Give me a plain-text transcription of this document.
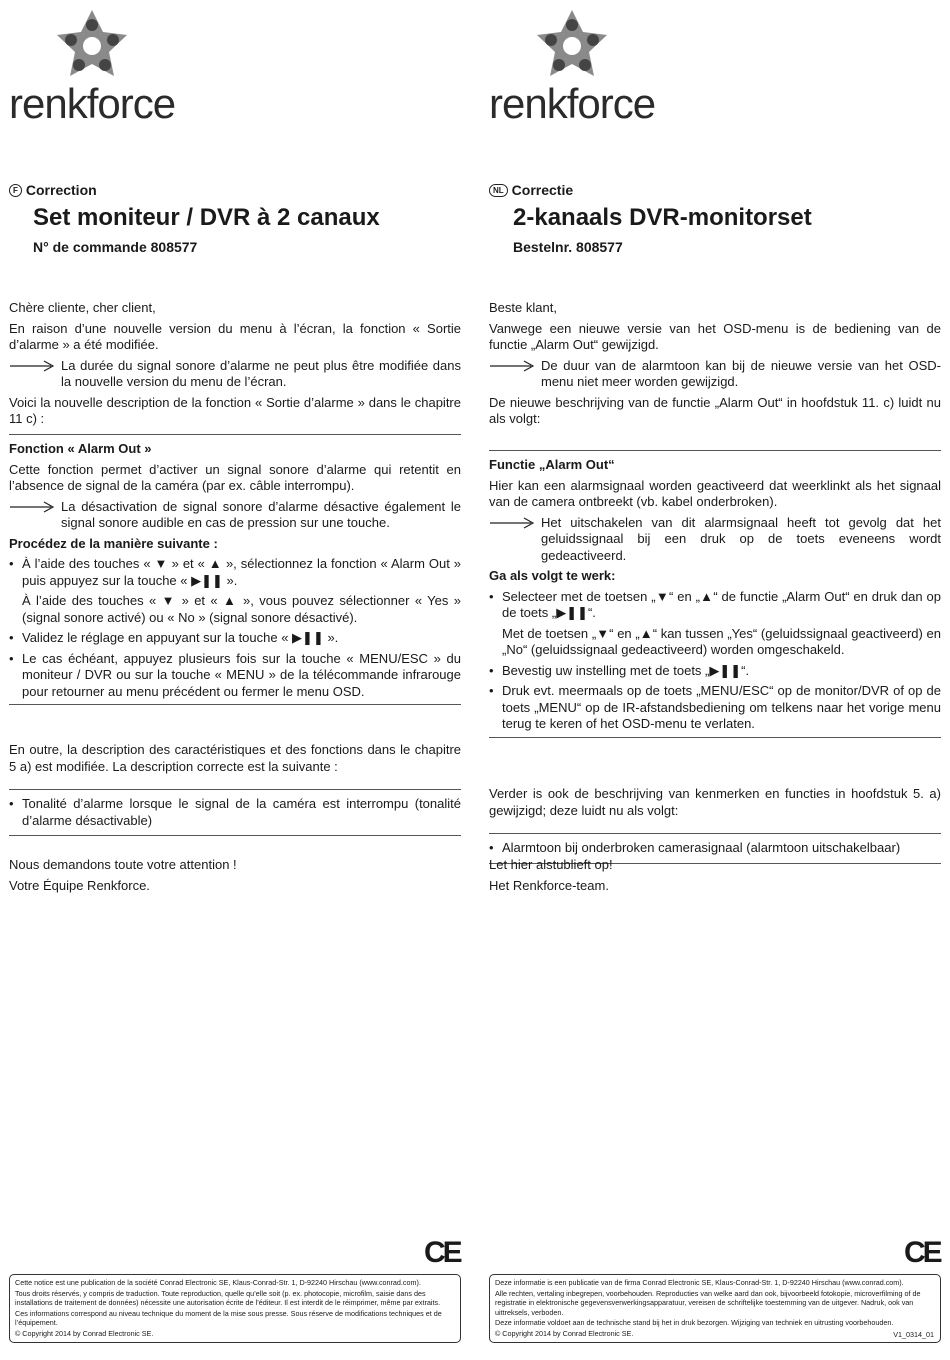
renkforce
F Correction
Set moniteur / DVR à 2 canaux
N° de commande 808577

Chère cliente, cher client,

En raison d’une nouvelle version du menu à l’écran, la fonction « Sortie d’alarme » a été modifiée.

La durée du signal sonore d’alarme ne peut plus être modifiée dans la nouvelle version du menu de l’écran.

Voici la nouvelle description de la fonction « Sortie d’alarme » dans le chapitre 11 c) :

Fonction « Alarm Out »

Cette fonction permet d’activer un signal sonore d’alarme qui retentit en l’absence de signal de la caméra (par ex. câble interrompu).

La désactivation de signal sonore d’alarme désactive également le signal sonore audible en cas de pression sur une touche.

Procédez de la manière suivante :

• À l’aide des touches « ▼ » et « ▲ », sélectionnez la fonction « Alarm Out » puis appuyez sur la touche « ▶❚❚ ».
À l’aide des touches « ▼ » et « ▲ », vous pouvez sélectionner « Yes » (signal sonore activé) ou « No » (signal sonore désactivé).
• Validez le réglage en appuyant sur la touche « ▶❚❚ ».
• Le cas échéant, appuyez plusieurs fois sur la touche « MENU/ESC » du moniteur / DVR ou sur la touche « MENU » de la télécommande infrarouge pour retourner au menu précédent ou fermer le menu OSD.

En outre, la description des caractéristiques et des fonctions dans le chapitre 5 a) est modifiée. La description correcte est la suivante :

• Tonalité d’alarme lorsque le signal de la caméra est interrompu (tonalité d’alarme désactivable)

Nous demandons toute votre attention !

Votre Équipe Renkforce.

CE
Cette notice est une publication de la société Conrad Electronic SE, Klaus-Conrad-Str. 1, D-92240 Hirschau (www.conrad.com).
Tous droits réservés, y compris de traduction. Toute reproduction, quelle qu’elle soit (p. ex. photocopie, microfilm, saisie dans des installations de traitement de données) nécessite une autorisation écrite de l’éditeur. Il est interdit de le réimprimer, même par extraits.
Ces informations correspond au niveau technique du moment de la mise sous presse. Sous réserve de modifications techniques et de l’équipement.
© Copyright 2014 by Conrad Electronic SE.
renkforce
NL Correctie
2-kanaals DVR-monitorset
Bestelnr. 808577

Beste klant,

Vanwege een nieuwe versie van het OSD-menu is de bediening van de functie „Alarm Out“ gewijzigd.

De duur van de alarmtoon kan bij de nieuwe versie van het OSD-menu niet meer worden gewijzigd.

De nieuwe beschrijving van de functie „Alarm Out“ in hoofdstuk 11. c) luidt nu als volgt:

Functie „Alarm Out“

Hier kan een alarmsignaal worden geactiveerd dat weerklinkt als het signaal van de camera ontbreekt (vb. kabel onderbroken).

Het uitschakelen van dit alarmsignaal heeft tot gevolg dat het geluidssignaal bij een druk op de toets eveneens wordt gedeactiveerd.

Ga als volgt te werk:

• Selecteer met de toetsen „▼“ en „▲“ de functie „Alarm Out“ en druk dan op de toets „▶❚❚“.
Met de toetsen „▼“ en „▲“ kan tussen „Yes“ (geluidssignaal geactiveerd) en „No“ (geluidssignaal gedeactiveerd) worden omgeschakeld.
• Bevestig uw instelling met de toets „▶❚❚“.
• Druk evt. meermaals op de toets „MENU/ESC“ op de monitor/DVR of op de toets „MENU“ op de IR-afstandsbediening om telkens naar het vorige menu terug te keren of het OSD-menu te verlaten.

Verder is ook de beschrijving van kenmerken en functies in hoofdstuk 5. a) gewijzigd; deze luidt nu als volgt:

• Alarmtoon bij onderbroken camerasignaal (alarmtoon uitschakelbaar)

Let hier alstublieft op!

Het Renkforce-team.

CE
Deze informatie is een publicatie van de firma Conrad Electronic SE, Klaus-Conrad-Str. 1, D-92240 Hirschau (www.conrad.com).
Alle rechten, vertaling inbegrepen, voorbehouden. Reproducties van welke aard dan ook, bijvoorbeeld fotokopie, microverfilming of de registratie in elektronische gegevensverwerkingsapparatuur, vereisen de schriftelijke toestemming van de uitgever. Nadruk, ook van uittreksels, verboden.
Deze informatie voldoet aan de technische stand bij het in druk bezorgen. Wijziging van techniek en uitrusting voorbehouden.
© Copyright 2014 by Conrad Electronic SE.	V1_0314_01
